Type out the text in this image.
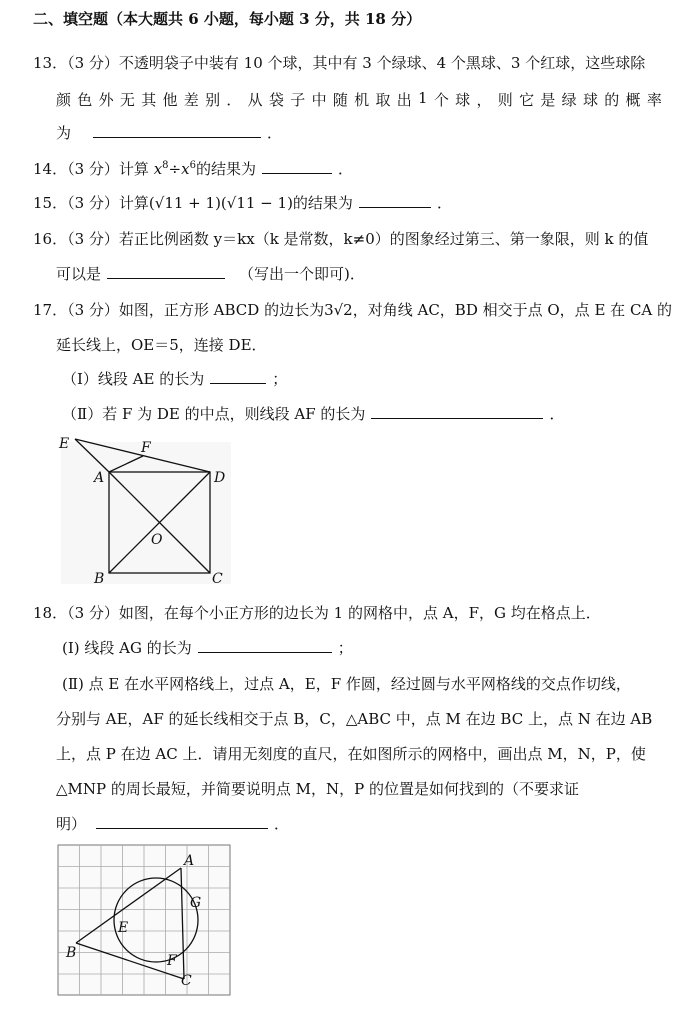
二、填空题（本大题共 6 小题，每小题 3 分，共 18 分）
13．（3 分）不透明袋子中装有 10 个球，其中有 3 个绿球、4 个黑球、3 个红球，这些球除
颜 色 外 无 其 他 差 别 ． 从 袋 子 中 随 机 取 出 1 个 球 ， 则 它 是 绿 球 的 概 率
为	．
14．（3 分）计算 $x^8\div x^6$的结果为	．
15．（3 分）计算(√11 + 1)(√11 − 1)的结果为	．
16．（3 分）若正比例函数 y＝kx（k 是常数，k≠0）的图象经过第三、第一象限，则 k 的值
可以是	（写出一个即可)．
17．（3 分）如图，正方形 ABCD 的边长为3√2，对角线 AC，BD 相交于点 O，点 E 在 CA 的
延长线上，OE＝5，连接 DE．
（Ⅰ）线段 AE 的长为	；
（Ⅱ）若 F 为 DE 的中点，则线段 AF 的长为	．
E	F
A	D
O
B	C
18．（3 分）如图，在每个小正方形的边长为 1 的网格中，点 A，F，G 均在格点上．
(Ⅰ) 线段 AG 的长为	；
(Ⅱ) 点 E 在水平网格线上，过点 A，E，F 作圆，经过圆与水平网格线的交点作切线，
分别与 AE，AF 的延长线相交于点 B，C，△ABC 中，点 M 在边 BC 上，点 N 在边 AB
上，点 P 在边 AC 上．请用无刻度的直尺，在如图所示的网格中，画出点 M，N，P，使
△MNP 的周长最短，并简要说明点 M，N，P 的位置是如何找到的（不要求证
明）	．
A
G
E
B	F
C
